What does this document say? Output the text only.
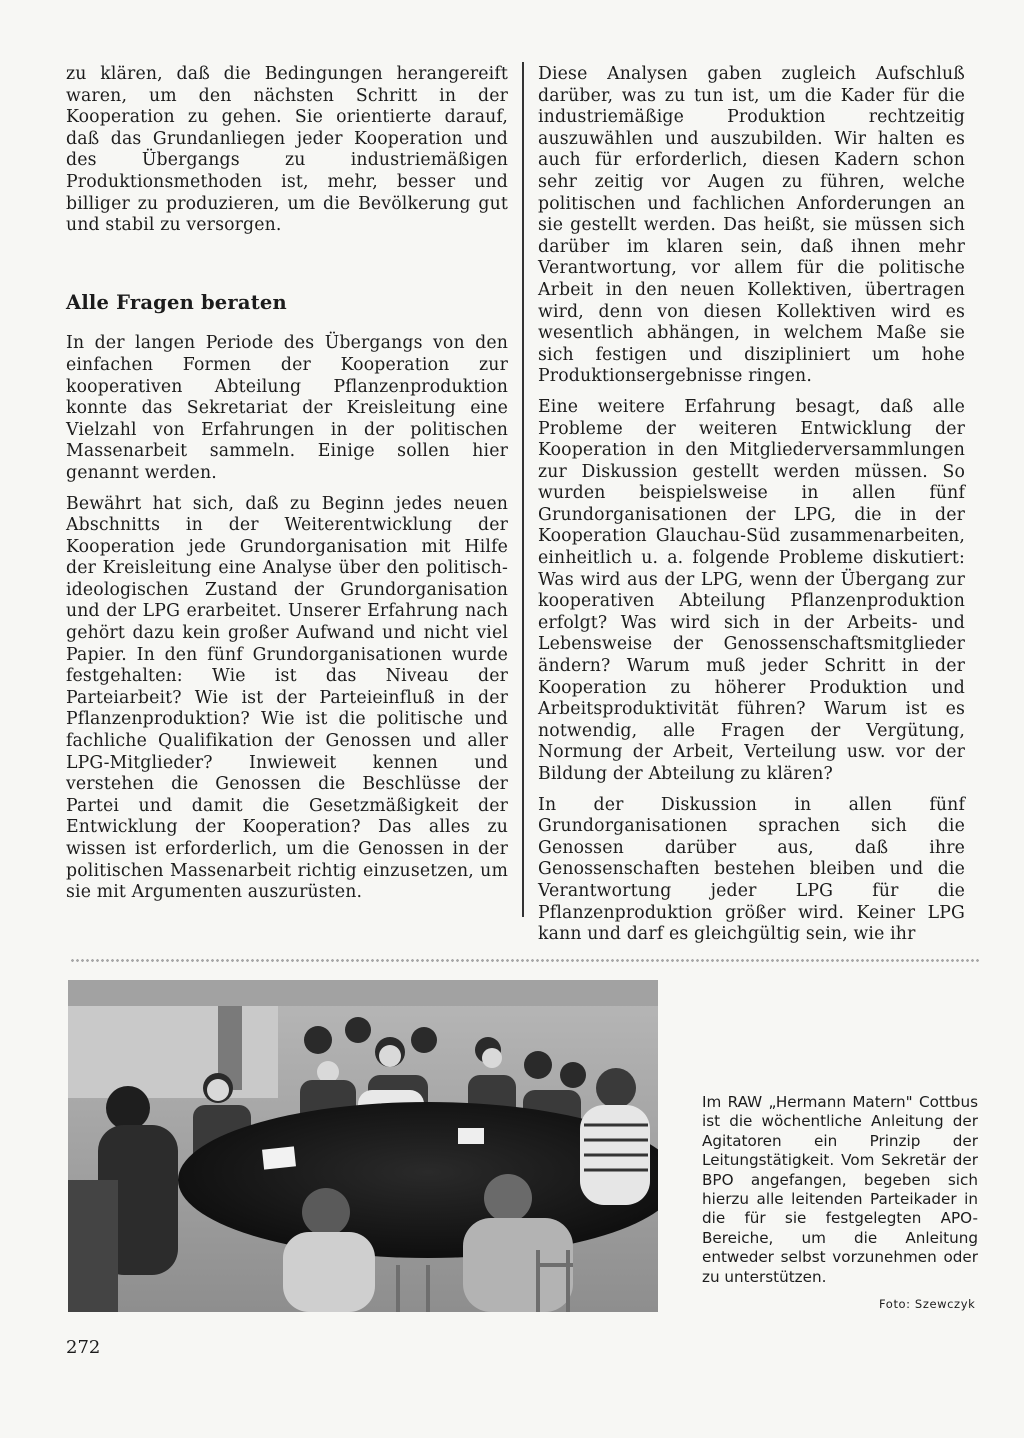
zu klären, daß die Bedingungen herangereift waren, um den nächsten Schritt in der Kooperation zu gehen. Sie orientierte darauf, daß das Grundanliegen jeder Kooperation und des Übergangs zu industriemäßigen Produktionsmethoden ist, mehr, besser und billiger zu produzieren, um die Bevölkerung gut und stabil zu versorgen.

Alle Fragen beraten

In der langen Periode des Übergangs von den einfachen Formen der Kooperation zur kooperativen Abteilung Pflanzenproduktion konnte das Sekretariat der Kreisleitung eine Vielzahl von Erfahrungen in der politischen Massenarbeit sammeln. Einige sollen hier genannt werden.

Bewährt hat sich, daß zu Beginn jedes neuen Abschnitts in der Weiterentwicklung der Kooperation jede Grundorganisation mit Hilfe der Kreisleitung eine Analyse über den politisch-ideologischen Zustand der Grundorganisation und der LPG erarbeitet. Unserer Erfahrung nach gehört dazu kein großer Aufwand und nicht viel Papier. In den fünf Grundorganisationen wurde festgehalten: Wie ist das Niveau der Parteiarbeit? Wie ist der Parteieinfluß in der Pflanzenproduktion? Wie ist die politische und fachliche Qualifikation der Genossen und aller LPG-Mitglieder? Inwieweit kennen und verstehen die Genossen die Beschlüsse der Partei und damit die Gesetzmäßigkeit der Entwicklung der Kooperation? Das alles zu wissen ist erforderlich, um die Genossen in der politischen Massenarbeit richtig einzusetzen, um sie mit Argumenten auszurüsten.

Diese Analysen gaben zugleich Aufschluß darüber, was zu tun ist, um die Kader für die industriemäßige Produktion rechtzeitig auszuwählen und auszubilden. Wir halten es auch für erforderlich, diesen Kadern schon sehr zeitig vor Augen zu führen, welche politischen und fachlichen Anforderungen an sie gestellt werden. Das heißt, sie müssen sich darüber im klaren sein, daß ihnen mehr Verantwortung, vor allem für die politische Arbeit in den neuen Kollektiven, übertragen wird, denn von diesen Kollektiven wird es wesentlich abhängen, in welchem Maße sie sich festigen und diszipliniert um hohe Produktionsergebnisse ringen.

Eine weitere Erfahrung besagt, daß alle Probleme der weiteren Entwicklung der Kooperation in den Mitgliederversammlungen zur Diskussion gestellt werden müssen. So wurden beispielsweise in allen fünf Grundorganisationen der LPG, die in der Kooperation Glauchau-Süd zusammenarbeiten, einheitlich u. a. folgende Probleme diskutiert: Was wird aus der LPG, wenn der Übergang zur kooperativen Abteilung Pflanzenproduktion erfolgt? Was wird sich in der Arbeits- und Lebensweise der Genossenschaftsmitglieder ändern? Warum muß jeder Schritt in der Kooperation zu höherer Produktion und Arbeitsproduktivität führen? Warum ist es notwendig, alle Fragen der Vergütung, Normung der Arbeit, Verteilung usw. vor der Bildung der Abteilung zu klären?

In der Diskussion in allen fünf Grundorganisationen sprachen sich die Genossen darüber aus, daß ihre Genossenschaften bestehen bleiben und die Verantwortung jeder LPG für die Pflanzenproduktion größer wird. Keiner LPG kann und darf es gleichgültig sein, wie ihr

Im RAW „Hermann Matern" Cottbus ist die wöchentliche Anleitung der Agitatoren ein Prinzip der Leitungstätigkeit. Vom Sekretär der BPO angefangen, begeben sich hierzu alle leitenden Parteikader in die für sie festgelegten APO-Bereiche, um die Anleitung entweder selbst vorzunehmen oder zu unterstützen.
Foto: Szewczyk
272
